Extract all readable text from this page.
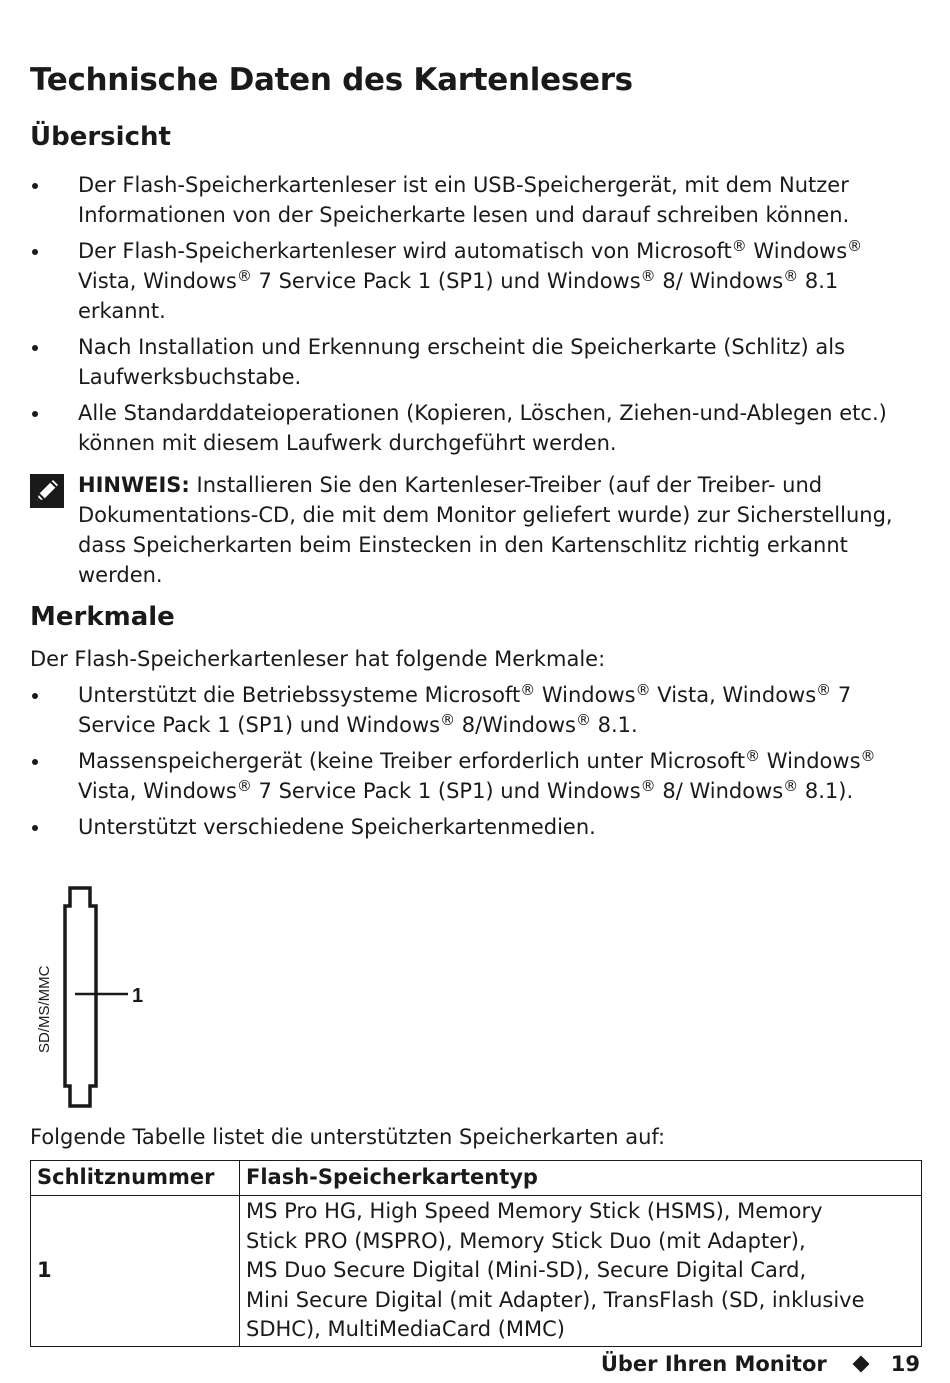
Technische Daten des Kartenlesers
Übersicht
Der Flash-Speicherkartenleser ist ein USB-Speichergerät, mit dem Nutzer Informationen von der Speicherkarte lesen und darauf schreiben können.
Der Flash-Speicherkartenleser wird automatisch von Microsoft® Windows® Vista, Windows® 7 Service Pack 1 (SP1) und Windows® 8/ Windows® 8.1 erkannt.
Nach Installation und Erkennung erscheint die Speicherkarte (Schlitz) als Laufwerksbuchstabe.
Alle Standarddateioperationen (Kopieren, Löschen, Ziehen-und-Ablegen etc.) können mit diesem Laufwerk durchgeführt werden.
HINWEIS: Installieren Sie den Kartenleser-Treiber (auf der Treiber- und Dokumentations-CD, die mit dem Monitor geliefert wurde) zur Sicherstellung, dass Speicherkarten beim Einstecken in den Kartenschlitz richtig erkannt werden.
Merkmale
Der Flash-Speicherkartenleser hat folgende Merkmale:
Unterstützt die Betriebssysteme Microsoft® Windows® Vista, Windows® 7 Service Pack 1 (SP1) und Windows® 8/Windows® 8.1.
Massenspeichergerät (keine Treiber erforderlich unter Microsoft® Windows® Vista, Windows® 7 Service Pack 1 (SP1) und Windows® 8/ Windows® 8.1).
Unterstützt verschiedene Speicherkartenmedien.
1
SD/MS/MMC
Folgende Tabelle listet die unterstützten Speicherkarten auf:
Schlitznummer	Flash-Speicherkartentyp
1	MS Pro HG, High Speed Memory Stick (HSMS), Memory
Stick PRO (MSPRO), Memory Stick Duo (mit Adapter),
MS Duo Secure Digital (Mini-SD), Secure Digital Card,
Mini Secure Digital (mit Adapter), TransFlash (SD, inklusive
SDHC), MultiMediaCard (MMC)
Über Ihren Monitor	19
